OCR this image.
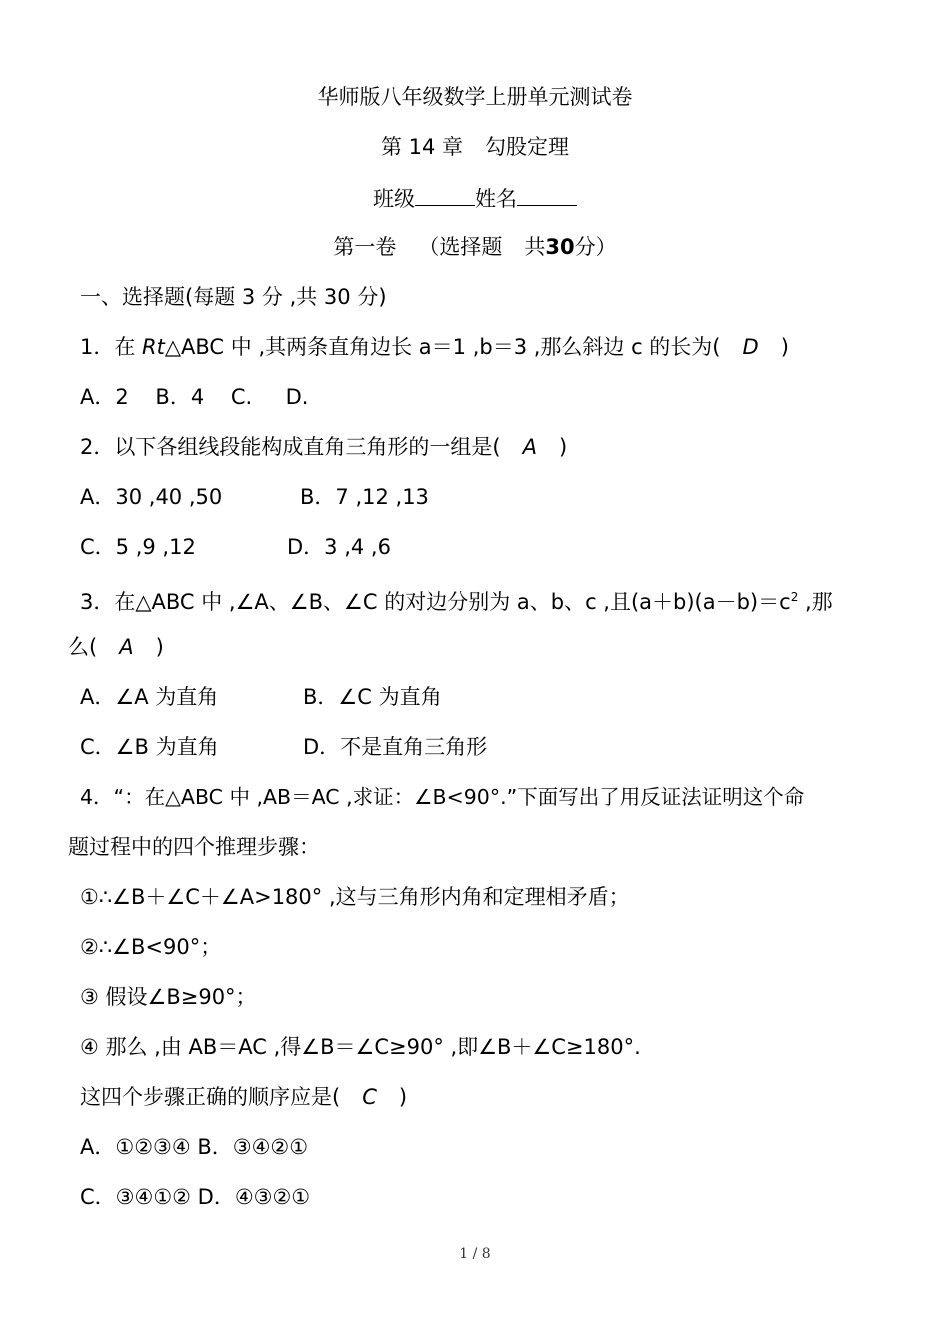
华师版八年级数学上册单元测试卷
第 14 章 勾股定理
班级	姓名
第一卷 （选择题 共30分）
一、选择题(每题 3 分 ,共 30 分)
1．在 Rt△ABC 中 ,其两条直角边长 a＝1 ,b＝3 ,那么斜边 c 的长为( D )
A．2    B．4    C.     D.
2．以下各组线段能构成直角三角形的一组是( A )
A．30 ,40 ,50	B．7 ,12 ,13
C．5 ,9 ,12	D．3 ,4 ,6
3．在△ABC 中 ,∠A、∠B、∠C 的对边分别为 a、b、c ,且$(a+b)(a-b)=c^2$ ,那
么( A )
A．∠A 为直角	B．∠C 为直角
C．∠B 为直角	D．不是直角三角形
4．“：在△ABC 中 ,AB＝AC ,求证：∠B<90°.”下面写出了用反证法证明这个命
题过程中的四个推理步骤：
①∴∠B＋∠C＋∠A>180° ,这与三角形内角和定理相矛盾；
②∴∠B<90°；
③ 假设∠B≥90°；
④ 那么 ,由 AB＝AC ,得∠B＝∠C≥90° ,即∠B＋∠C≥180°.
这四个步骤正确的顺序应是( C )
A．①②③④ B．③④②①
C．③④①② D．④③②①
1 / 8
